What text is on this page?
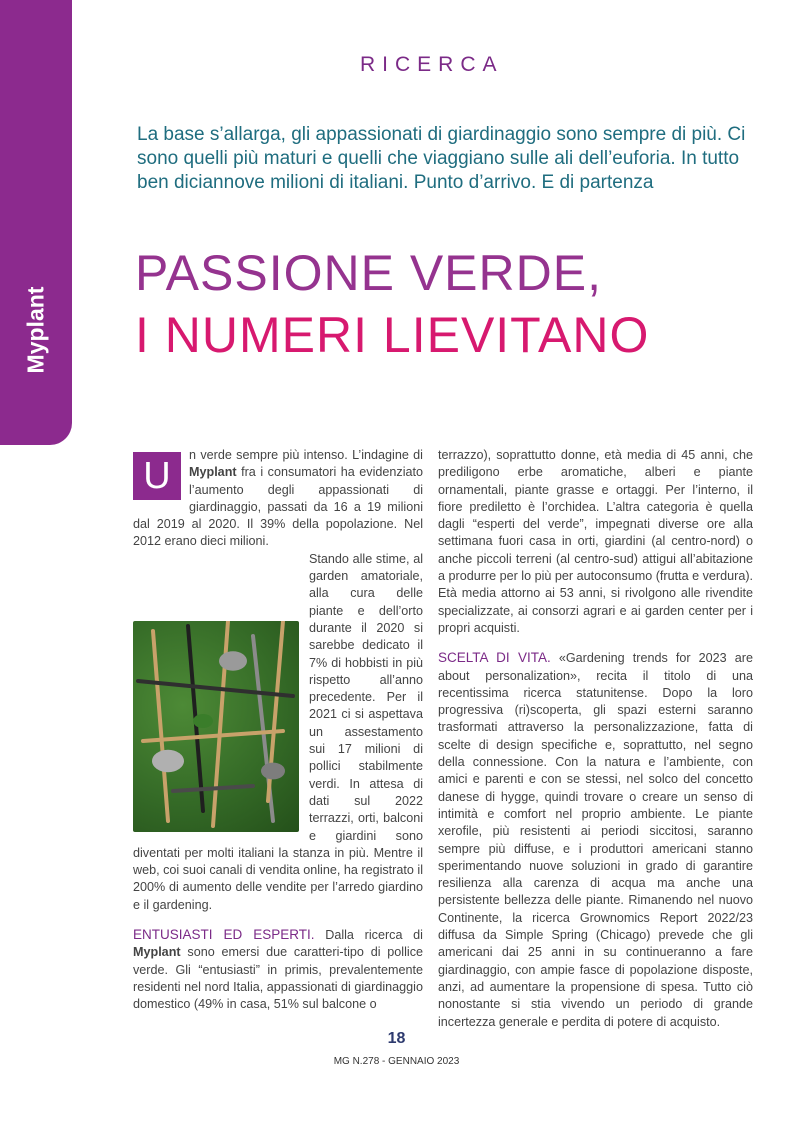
Myplant
RICERCA

La base s’allarga, gli appassionati di giardinaggio sono sempre di più. Ci sono quelli più maturi e quelli che viaggiano sulle ali dell’euforia. In tutto ben diciannove milioni di italiani. Punto d’arrivo. E di partenza

PASSIONE VERDE,
I NUMERI LIEVITANO

U	n verde sempre più intenso. L’indagine di Myplant fra i consumatori ha evidenziato l’aumento degli appassionati di giardinaggio, passati da 16 a 19 milioni dal 2019 al 2020. Il 39% della popolazione. Nel 2012 erano dieci milioni.

Stando alle stime, al garden amatoriale, alla cura delle piante e dell’orto durante il 2020 si sarebbe dedicato il 7% di hobbisti in più rispetto all’anno precedente. Per il 2021 ci si aspettava un assestamento sui 17 milioni di pollici stabilmente verdi. In attesa di dati sul 2022 terrazzi, orti, balconi e giardini sono diventati per molti italiani la stanza in più. Mentre il web, coi suoi canali di vendita online, ha registrato il 200% di aumento delle vendite per l’arredo giardino e il gardening.

ENTUSIASTI ED ESPERTI. Dalla ricerca di Myplant sono emersi due caratteri-tipo di pollice verde. Gli “entusiasti” in primis, prevalentemente residenti nel nord Italia, appassionati di giardinaggio domestico (49% in casa, 51% sul balcone o

terrazzo), soprattutto donne, età media di 45 anni, che prediligono erbe aromatiche, alberi e piante ornamentali, piante grasse e ortaggi. Per l’interno, il fiore prediletto è l’orchidea. L’altra categoria è quella dagli “esperti del verde”, impegnati diverse ore alla settimana fuori casa in orti, giardini (al centro-nord) o anche piccoli terreni (al centro-sud) attigui all’abitazione a produrre per lo più per autoconsumo (frutta e verdura). Età media attorno ai 53 anni, si rivolgono alle rivendite specializzate, ai consorzi agrari e ai garden center per i propri acquisti.

SCELTA DI VITA. «Gardening trends for 2023 are about personalization», recita il titolo di una recentissima ricerca statunitense. Dopo la loro progressiva (ri)scoperta, gli spazi esterni saranno trasformati attraverso la personalizzazione, fatta di scelte di design specifiche e, soprattutto, nel segno della connessione. Con la natura e l’ambiente, con amici e parenti e con se stessi, nel solco del concetto danese di hygge, quindi trovare o creare un senso di intimità e comfort nel proprio ambiente. Le piante xerofile, più resistenti ai periodi siccitosi, saranno sempre più diffuse, e i produttori americani stanno sperimentando nuove soluzioni in grado di garantire resilienza alla carenza di acqua ma anche una persistente bellezza delle piante. Rimanendo nel nuovo Continente, la ricerca Grownomics Report 2022/23 diffusa da Simple Spring (Chicago) prevede che gli americani dai 25 anni in su continueranno a fare giardinaggio, con ampie fasce di popolazione disposte, anzi, ad aumentare la propensione di spesa. Tutto ciò nonostante si stia vivendo un periodo di grande incertezza generale e perdita di potere di acquisto.

18
MG N.278 - GENNAIO 2023
